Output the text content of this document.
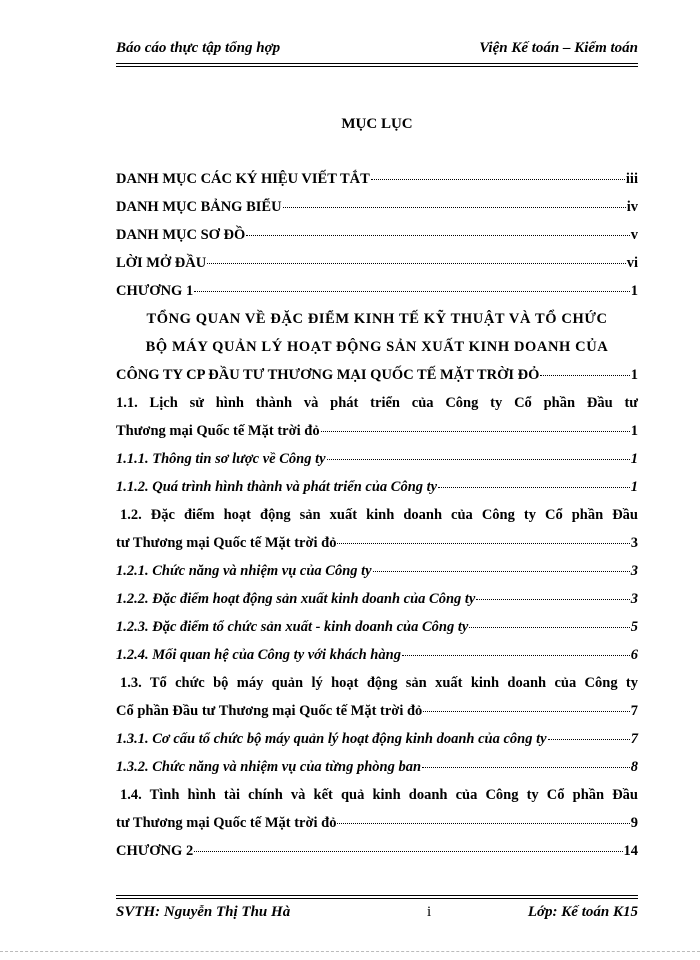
Báo cáo thực tập tổng hợp	Viện Kế toán – Kiểm toán
MỤC LỤC
DANH MỤC CÁC KÝ HIỆU VIẾT TẮT	iii
DANH MỤC BẢNG BIỂU	iv
DANH MỤC SƠ ĐỒ	v
LỜI MỞ ĐẦU	vi
CHƯƠNG 1	1
TỔNG QUAN VỀ ĐẶC ĐIỂM KINH TẾ KỸ THUẬT VÀ TỔ CHỨC
BỘ MÁY QUẢN LÝ HOẠT ĐỘNG SẢN XUẤT KINH DOANH CỦA
CÔNG TY CP ĐẦU TƯ THƯƠNG MẠI QUỐC TẾ MẶT TRỜI ĐỎ	1
1.1. Lịch sử hình thành và phát triển của Công ty Cổ phần Đầu tư
Thương mại Quốc tế Mặt trời đỏ	1
1.1.1. Thông tin sơ lược về Công ty	1
1.1.2. Quá trình hình thành và phát triển của Công ty	1
1.2. Đặc điểm hoạt động sản xuất kinh doanh của Công ty Cổ phần Đầu
tư Thương mại Quốc tế Mặt trời đỏ	3
1.2.1. Chức năng và nhiệm vụ của Công ty	3
1.2.2. Đặc điểm hoạt động sản xuất kinh doanh của Công ty	3
1.2.3. Đặc điểm tổ chức sản xuất - kinh doanh của Công ty	5
1.2.4. Mối quan hệ của Công ty với khách hàng	6
1.3. Tổ chức bộ máy quản lý hoạt động sản xuất kinh doanh của Công ty
Cổ phần Đầu tư Thương mại Quốc tế Mặt trời đỏ	7
1.3.1. Cơ cấu tổ chức bộ máy quản lý hoạt động kinh doanh của công ty	7
1.3.2. Chức năng và nhiệm vụ của từng phòng ban	8
1.4. Tình hình tài chính và kết quả kinh doanh của Công ty Cổ phần Đầu
tư Thương mại Quốc tế Mặt trời đỏ	9
CHƯƠNG 2	14
SVTH: Nguyễn Thị Thu Hà	i	Lớp: Kế toán K15
